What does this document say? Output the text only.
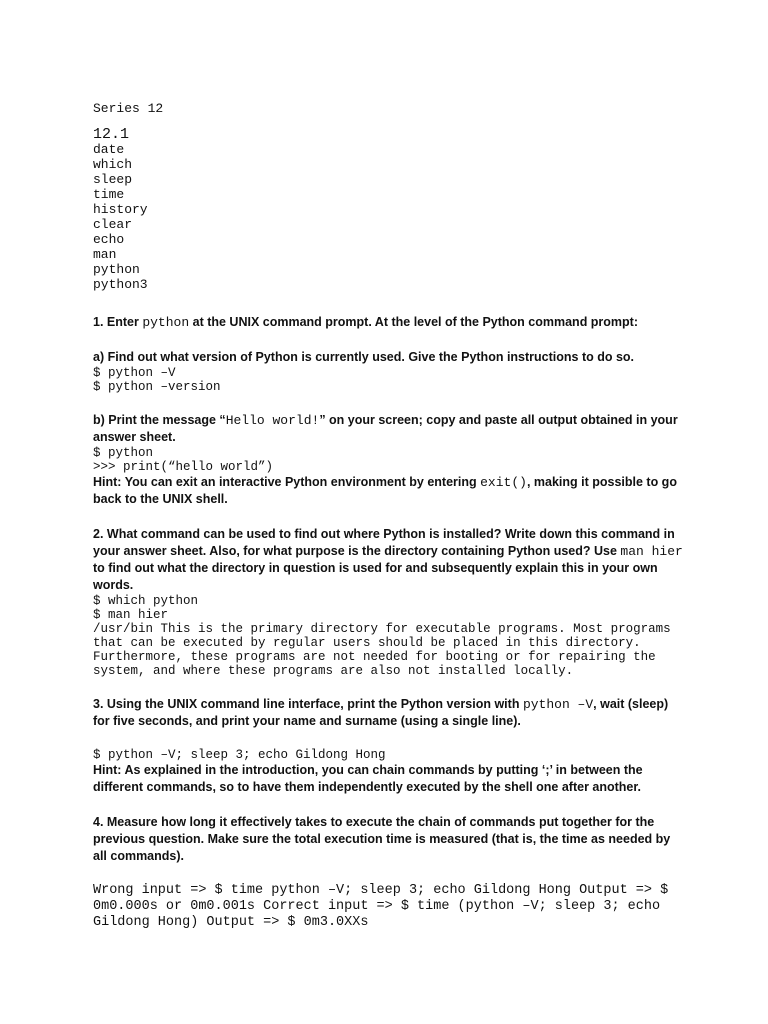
Series 12
12.1
date
which
sleep
time
history
clear
echo
man
python
python3
1. Enter python at the UNIX command prompt. At the level of the Python command prompt:
a) Find out what version of Python is currently used. Give the Python instructions to do so.
$ python –V
$ python –version
b) Print the message “Hello world!” on your screen; copy and paste all output obtained in your answer sheet.
$ python
>>> print(“hello world”)
Hint: You can exit an interactive Python environment by entering exit(), making it possible to go back to the UNIX shell.
2. What command can be used to find out where Python is installed? Write down this command in your answer sheet. Also, for what purpose is the directory containing Python used? Use man hier to find out what the directory in question is used for and subsequently explain this in your own words.
$ which python
$ man hier
/usr/bin This is the primary directory for executable programs. Most programs that can be executed by regular users should be placed in this directory. Furthermore, these programs are not needed for booting or for repairing the system, and where these programs are also not installed locally.
3. Using the UNIX command line interface, print the Python version with python –V, wait (sleep) for five seconds, and print your name and surname (using a single line).
$ python –V; sleep 3; echo Gildong Hong
Hint: As explained in the introduction, you can chain commands by putting ‘;’ in between the different commands, so to have them independently executed by the shell one after another.
4. Measure how long it effectively takes to execute the chain of commands put together for the previous question. Make sure the total execution time is measured (that is, the time as needed by all commands).
Wrong input => $ time python –V; sleep 3; echo Gildong Hong Output => $ 0m0.000s or 0m0.001s Correct input => $ time (python –V; sleep 3; echo Gildong Hong) Output => $ 0m3.0XXs
